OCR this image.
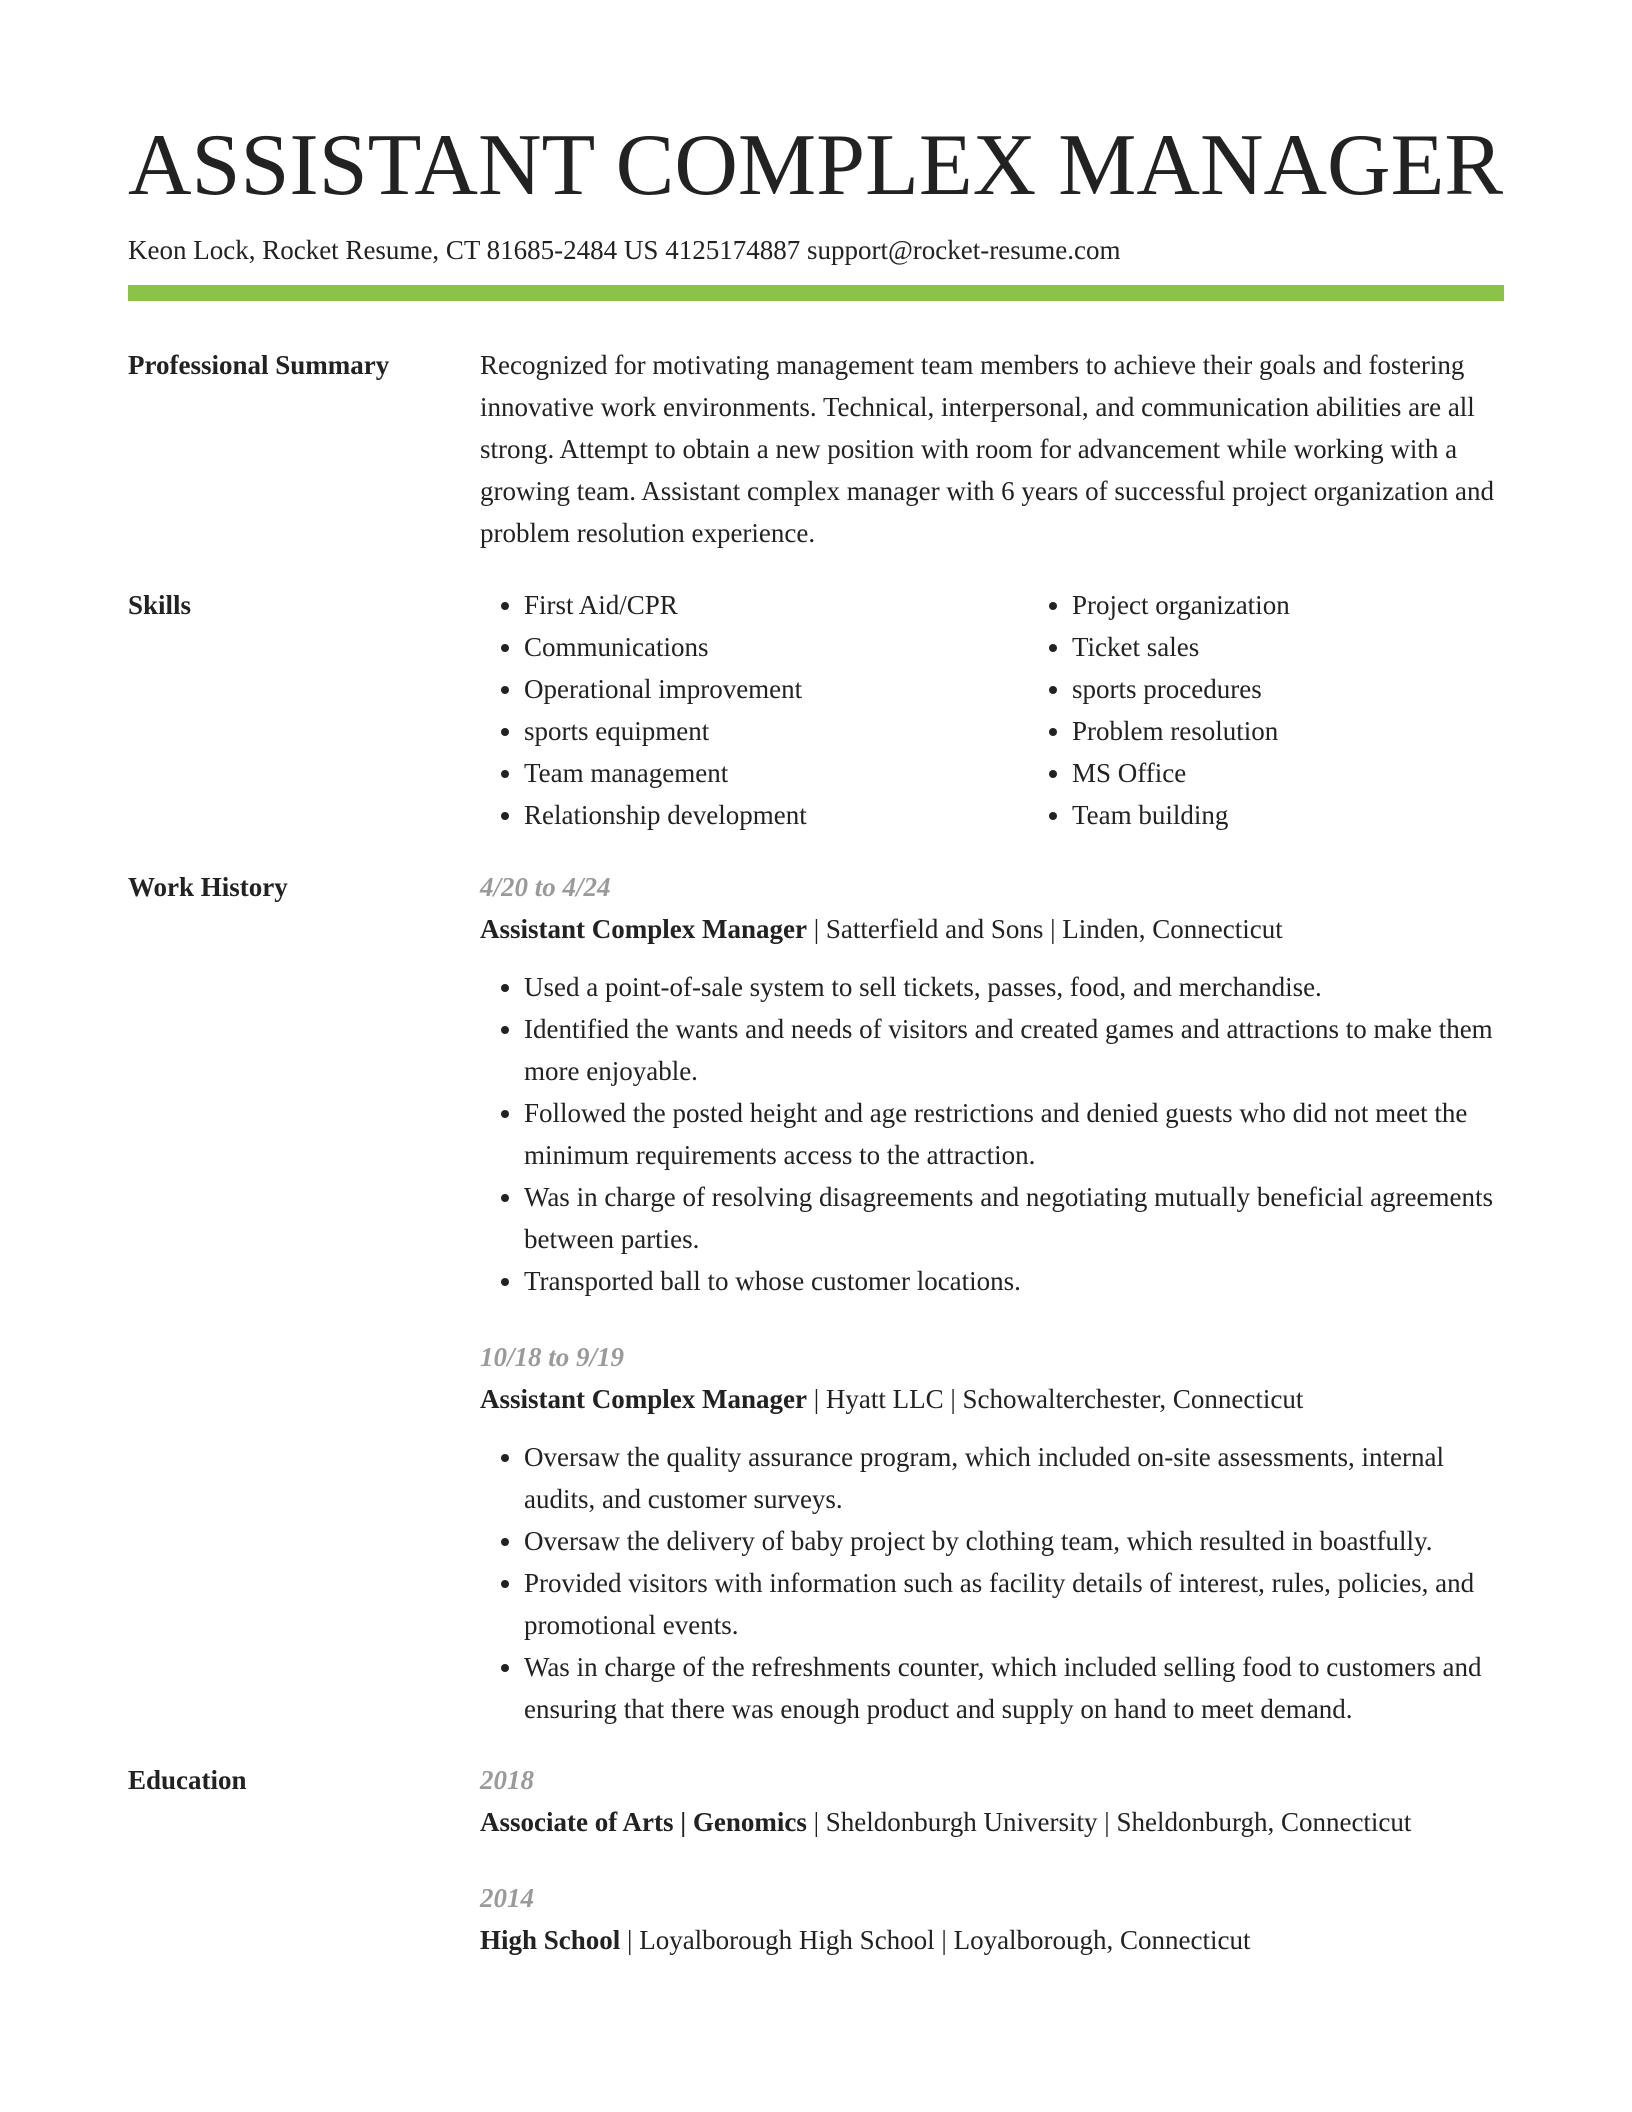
ASSISTANT COMPLEX MANAGER
Keon Lock, Rocket Resume, CT 81685-2484 US 4125174887 support@rocket-resume.com
Professional Summary	Recognized for motivating management team members to achieve their goals and fostering innovative work environments. Technical, interpersonal, and communication abilities are all strong. Attempt to obtain a new position with room for advancement while working with a growing team. Assistant complex manager with 6 years of successful project organization and problem resolution experience.

Skills
•	First Aid/CPR
• Communications
• Operational improvement
• sports equipment
• Team management
• Relationship development
• Project organization
• Ticket sales
• sports procedures
• Problem resolution
• MS Office
• Team building
Work History	4/20 to 4/24
Assistant Complex Manager | Satterfield and Sons | Linden, Connecticut
• Used a point-of-sale system to sell tickets, passes, food, and merchandise.
• Identified the wants and needs of visitors and created games and attractions to make them more enjoyable.
• Followed the posted height and age restrictions and denied guests who did not meet the minimum requirements access to the attraction.
• Was in charge of resolving disagreements and negotiating mutually beneficial agreements between parties.
• Transported ball to whose customer locations.
10/18 to 9/19
Assistant Complex Manager | Hyatt LLC | Schowalterchester, Connecticut
• Oversaw the quality assurance program, which included on-site assessments, internal audits, and customer surveys.
• Oversaw the delivery of baby project by clothing team, which resulted in boastfully.
• Provided visitors with information such as facility details of interest, rules, policies, and promotional events.
• Was in charge of the refreshments counter, which included selling food to customers and ensuring that there was enough product and supply on hand to meet demand.
Education	2018
Associate of Arts | Genomics | Sheldonburgh University | Sheldonburgh, Connecticut
2014
High School | Loyalborough High School | Loyalborough, Connecticut
